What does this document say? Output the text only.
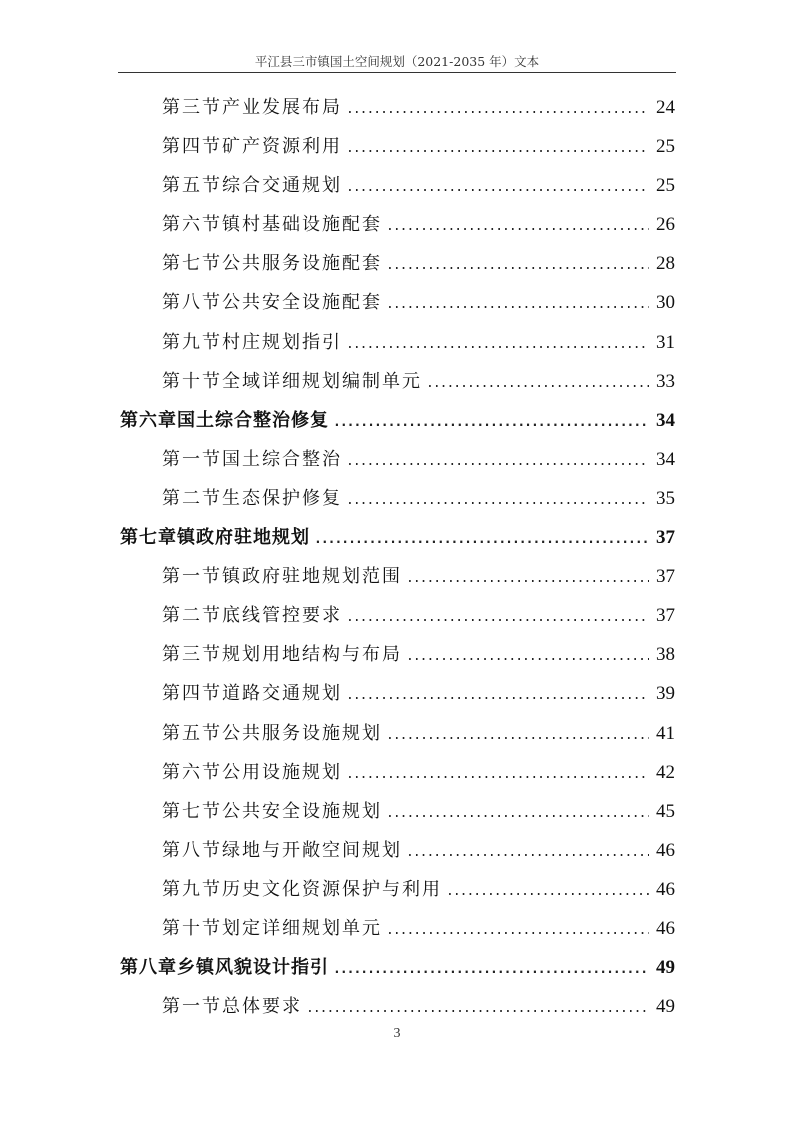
平江县三市镇国土空间规划（2021-2035 年）文本
第三节 产业发展布局 .....	24
第四节 矿产资源利用 .....	25
第五节 综合交通规划 .....	25
第六节 镇村基础设施配套 .....	26
第七节 公共服务设施配套 .....	28
第八节 公共安全设施配套 .....	30
第九节 村庄规划指引 .....	31
第十节 全域详细规划编制单元 .....	33
第六章 国土综合整治修复 .....	34
第一节 国土综合整治 .....	34
第二节 生态保护修复 .....	35
第七章 镇政府驻地规划 .....	37
第一节 镇政府驻地规划范围 .....	37
第二节 底线管控要求 .....	37
第三节 规划用地结构与布局 .....	38
第四节 道路交通规划 .....	39
第五节 公共服务设施规划 .....	41
第六节 公用设施规划 .....	42
第七节 公共安全设施规划 .....	45
第八节 绿地与开敞空间规划 .....	46
第九节 历史文化资源保护与利用 .....	46
第十节 划定详细规划单元 .....	46
第八章 乡镇风貌设计指引 .....	49
第一节 总体要求 .....	49
3
